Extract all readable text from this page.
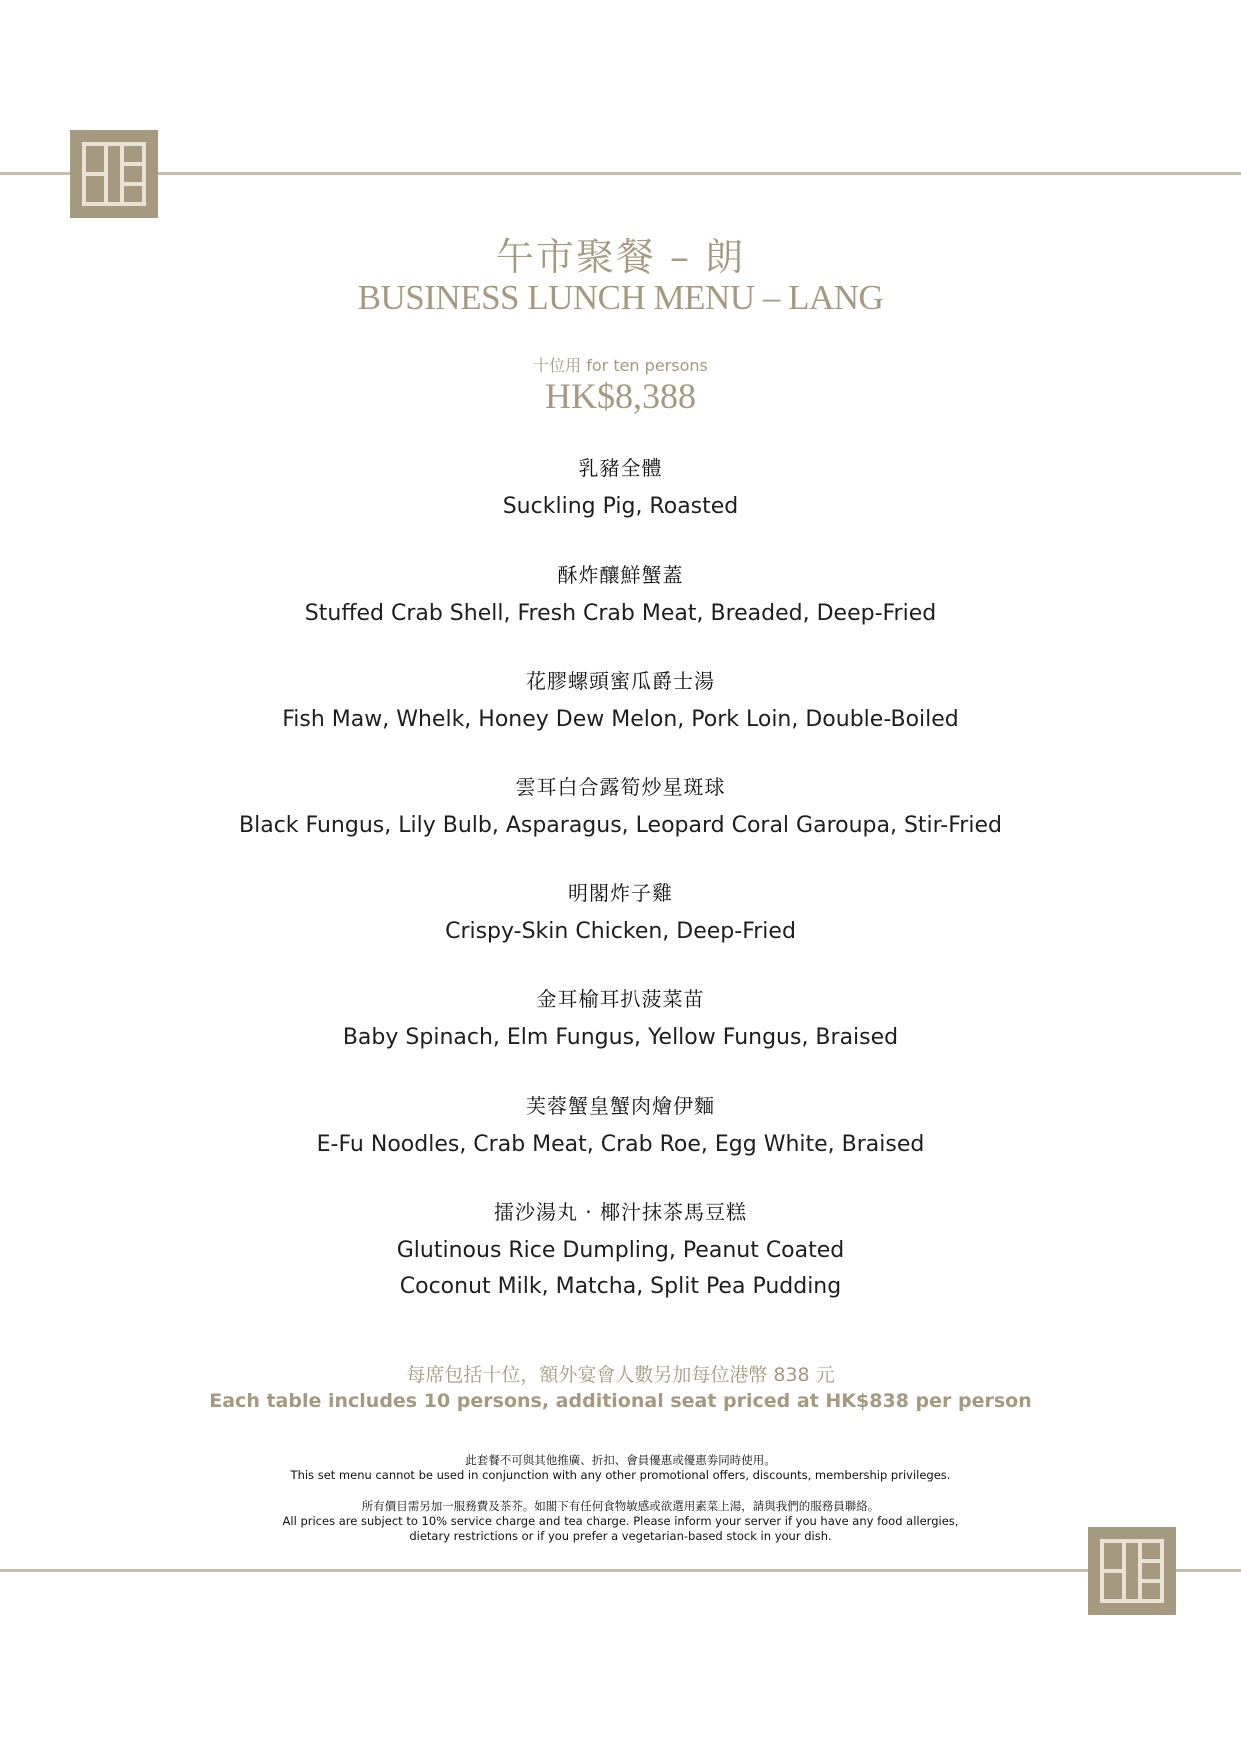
午市聚餐 – 朗
BUSINESS LUNCH MENU – LANG
十位用 for ten persons
HK$8,388
乳豬全體
Suckling Pig, Roasted
酥炸釀鮮蟹蓋
Stuffed Crab Shell, Fresh Crab Meat, Breaded, Deep-Fried
花膠螺頭蜜瓜爵士湯
Fish Maw, Whelk, Honey Dew Melon, Pork Loin, Double-Boiled
雲耳白合露筍炒星斑球
Black Fungus, Lily Bulb, Asparagus, Leopard Coral Garoupa, Stir-Fried
明閣炸子雞
Crispy-Skin Chicken, Deep-Fried
金耳榆耳扒菠菜苗
Baby Spinach, Elm Fungus, Yellow Fungus, Braised
芙蓉蟹皇蟹肉燴伊麵
E-Fu Noodles, Crab Meat, Crab Roe, Egg White, Braised
擂沙湯丸 · 椰汁抹茶馬豆糕
Glutinous Rice Dumpling, Peanut Coated
Coconut Milk, Matcha, Split Pea Pudding
每席包括十位，額外宴會人數另加每位港幣 838 元
Each table includes 10 persons, additional seat priced at HK$838 per person
此套餐不可與其他推廣、折扣、會員優惠或優惠劵同時使用。
This set menu cannot be used in conjunction with any other promotional offers, discounts, membership privileges.
所有價目需另加一服務費及茶芥。如閣下有任何食物敏感或欲選用素菜上湯，請與我們的服務員聯絡。
All prices are subject to 10% service charge and tea charge. Please inform your server if you have any food allergies,
dietary restrictions or if you prefer a vegetarian-based stock in your dish.
